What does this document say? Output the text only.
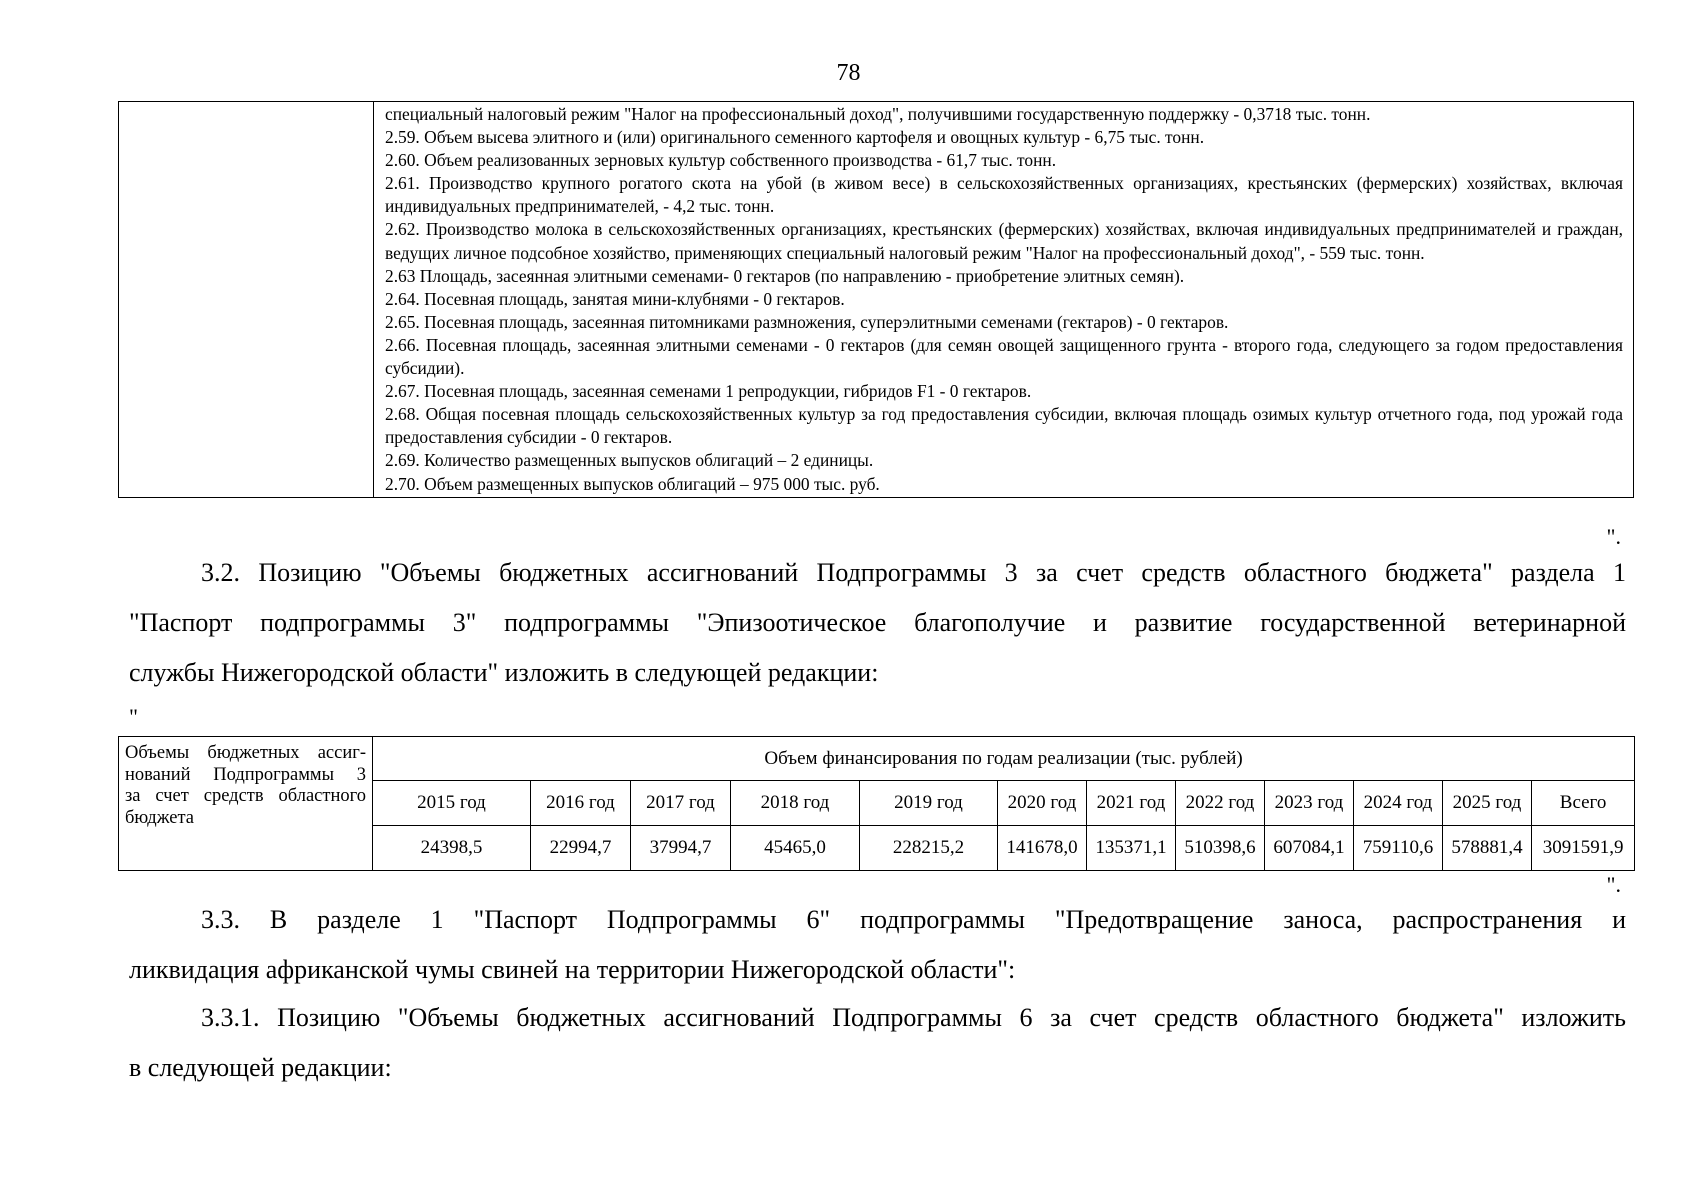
78

специальный налоговый режим "Налог на профессиональный доход", получившими государственную поддержку - 0,3718 тыс. тонн.
2.59. Объем высева элитного и (или) оригинального семенного картофеля и овощных культур - 6,75 тыс. тонн.
2.60. Объем реализованных зерновых культур собственного производства - 61,7 тыс. тонн.
2.61. Производство крупного рогатого скота на убой (в живом весе) в сельскохозяйственных организациях, крестьянских (фермерских) хозяйствах, включая индивидуальных предпринимателей, - 4,2 тыс. тонн.
2.62. Производство молока в сельскохозяйственных организациях, крестьянских (фермерских) хозяйствах, включая индивидуальных предпринимателей и граждан, ведущих личное подсобное хозяйство, применяющих специальный налоговый режим "Налог на профессиональный доход", - 559 тыс. тонн.
2.63 Площадь, засеянная элитными семенами- 0 гектаров (по направлению - приобретение элитных семян).
2.64. Посевная площадь, занятая мини-клубнями - 0 гектаров.
2.65. Посевная площадь, засеянная питомниками размножения, суперэлитными семенами (гектаров) - 0 гектаров.
2.66. Посевная площадь, засеянная элитными семенами - 0 гектаров (для семян овощей защищенного грунта - второго года, следующего за годом предоставления субсидии).
2.67. Посевная площадь, засеянная семенами 1 репродукции, гибридов F1 - 0 гектаров.
2.68. Общая посевная площадь сельскохозяйственных культур за год предоставления субсидии, включая площадь озимых культур отчетного года, под урожай года предоставления субсидии - 0 гектаров.
2.69. Количество размещенных выпусков облигаций – 2 единицы.
2.70. Объем размещенных выпусков облигаций – 975 000 тыс. руб.
".
3.2. Позицию "Объемы бюджетных ассигнований Подпрограммы 3 за счет средств областного бюджета" раздела 1
"Паспорт подпрограммы 3" подпрограммы "Эпизоотическое благополучие и развитие государственной ветеринарной
службы Нижегородской области" изложить в следующей редакции:
"
Объемы бюджетных ассиг-
нований Подпрограммы 3
за счет средств областного
бюджета	Объем финансирования по годам реализации (тыс. рублей)											
	2015 год	2016 год	2017 год	2018 год	2019 год	2020 год	2021 год	2022 год	2023 год	2024 год	2025 год	Всего
	24398,5	22994,7	37994,7	45465,0	228215,2	141678,0	135371,1	510398,6	607084,1	759110,6	578881,4	3091591,9
".
3.3. В разделе 1 "Паспорт Подпрограммы 6" подпрограммы "Предотвращение заноса, распространения и
ликвидация африканской чумы свиней на территории Нижегородской области":
3.3.1. Позицию "Объемы бюджетных ассигнований Подпрограммы 6 за счет средств областного бюджета" изложить
в следующей редакции:
